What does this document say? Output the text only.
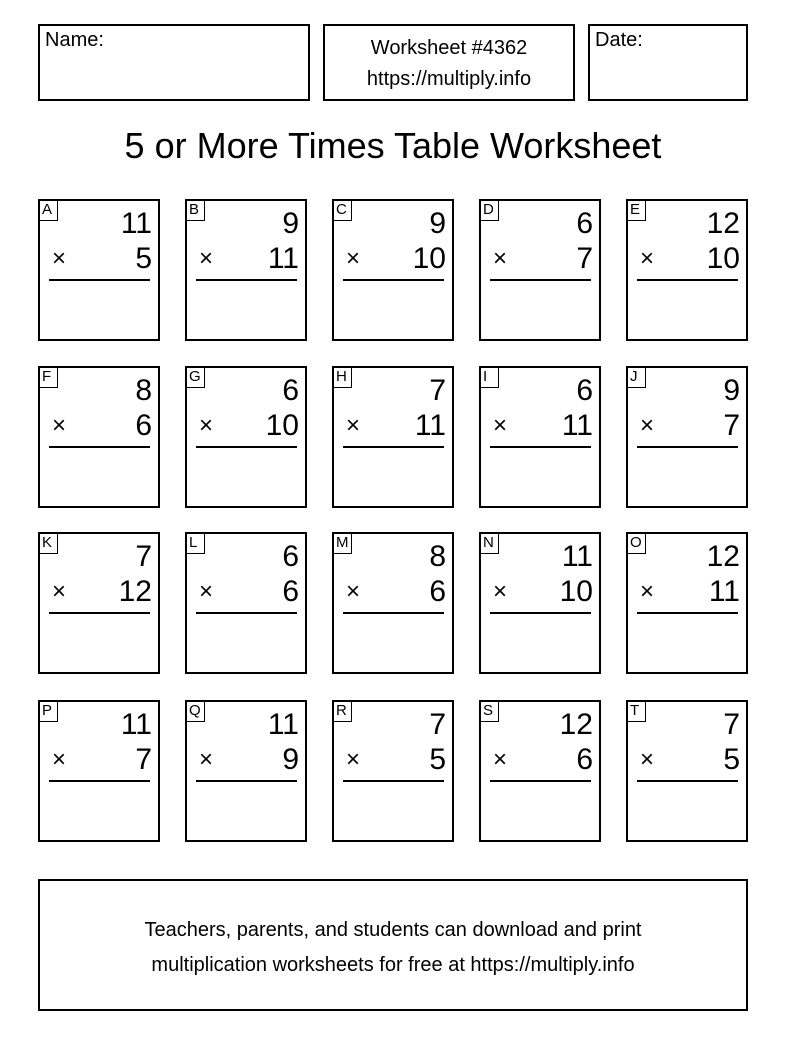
Name:	Worksheet #4362
https://multiply.info
Date:
5 or More Times Table Worksheet
A 11
× 5
B	9
× 11
C	9
× 10
D	6
× 7
E 12
× 10
F	8
× 6
G	6
× 10
H	7
× 11
I	6
× 11
J	9
× 7
K	7
× 12
L	6
× 6
M	8
× 6
N 11
× 10
O 12
× 11
P 11
× 7
Q 11
× 9
R	7
× 5
S 12
× 6
T	7
× 5
Teachers, parents, and students can download and print
multiplication worksheets for free at https://multiply.info
